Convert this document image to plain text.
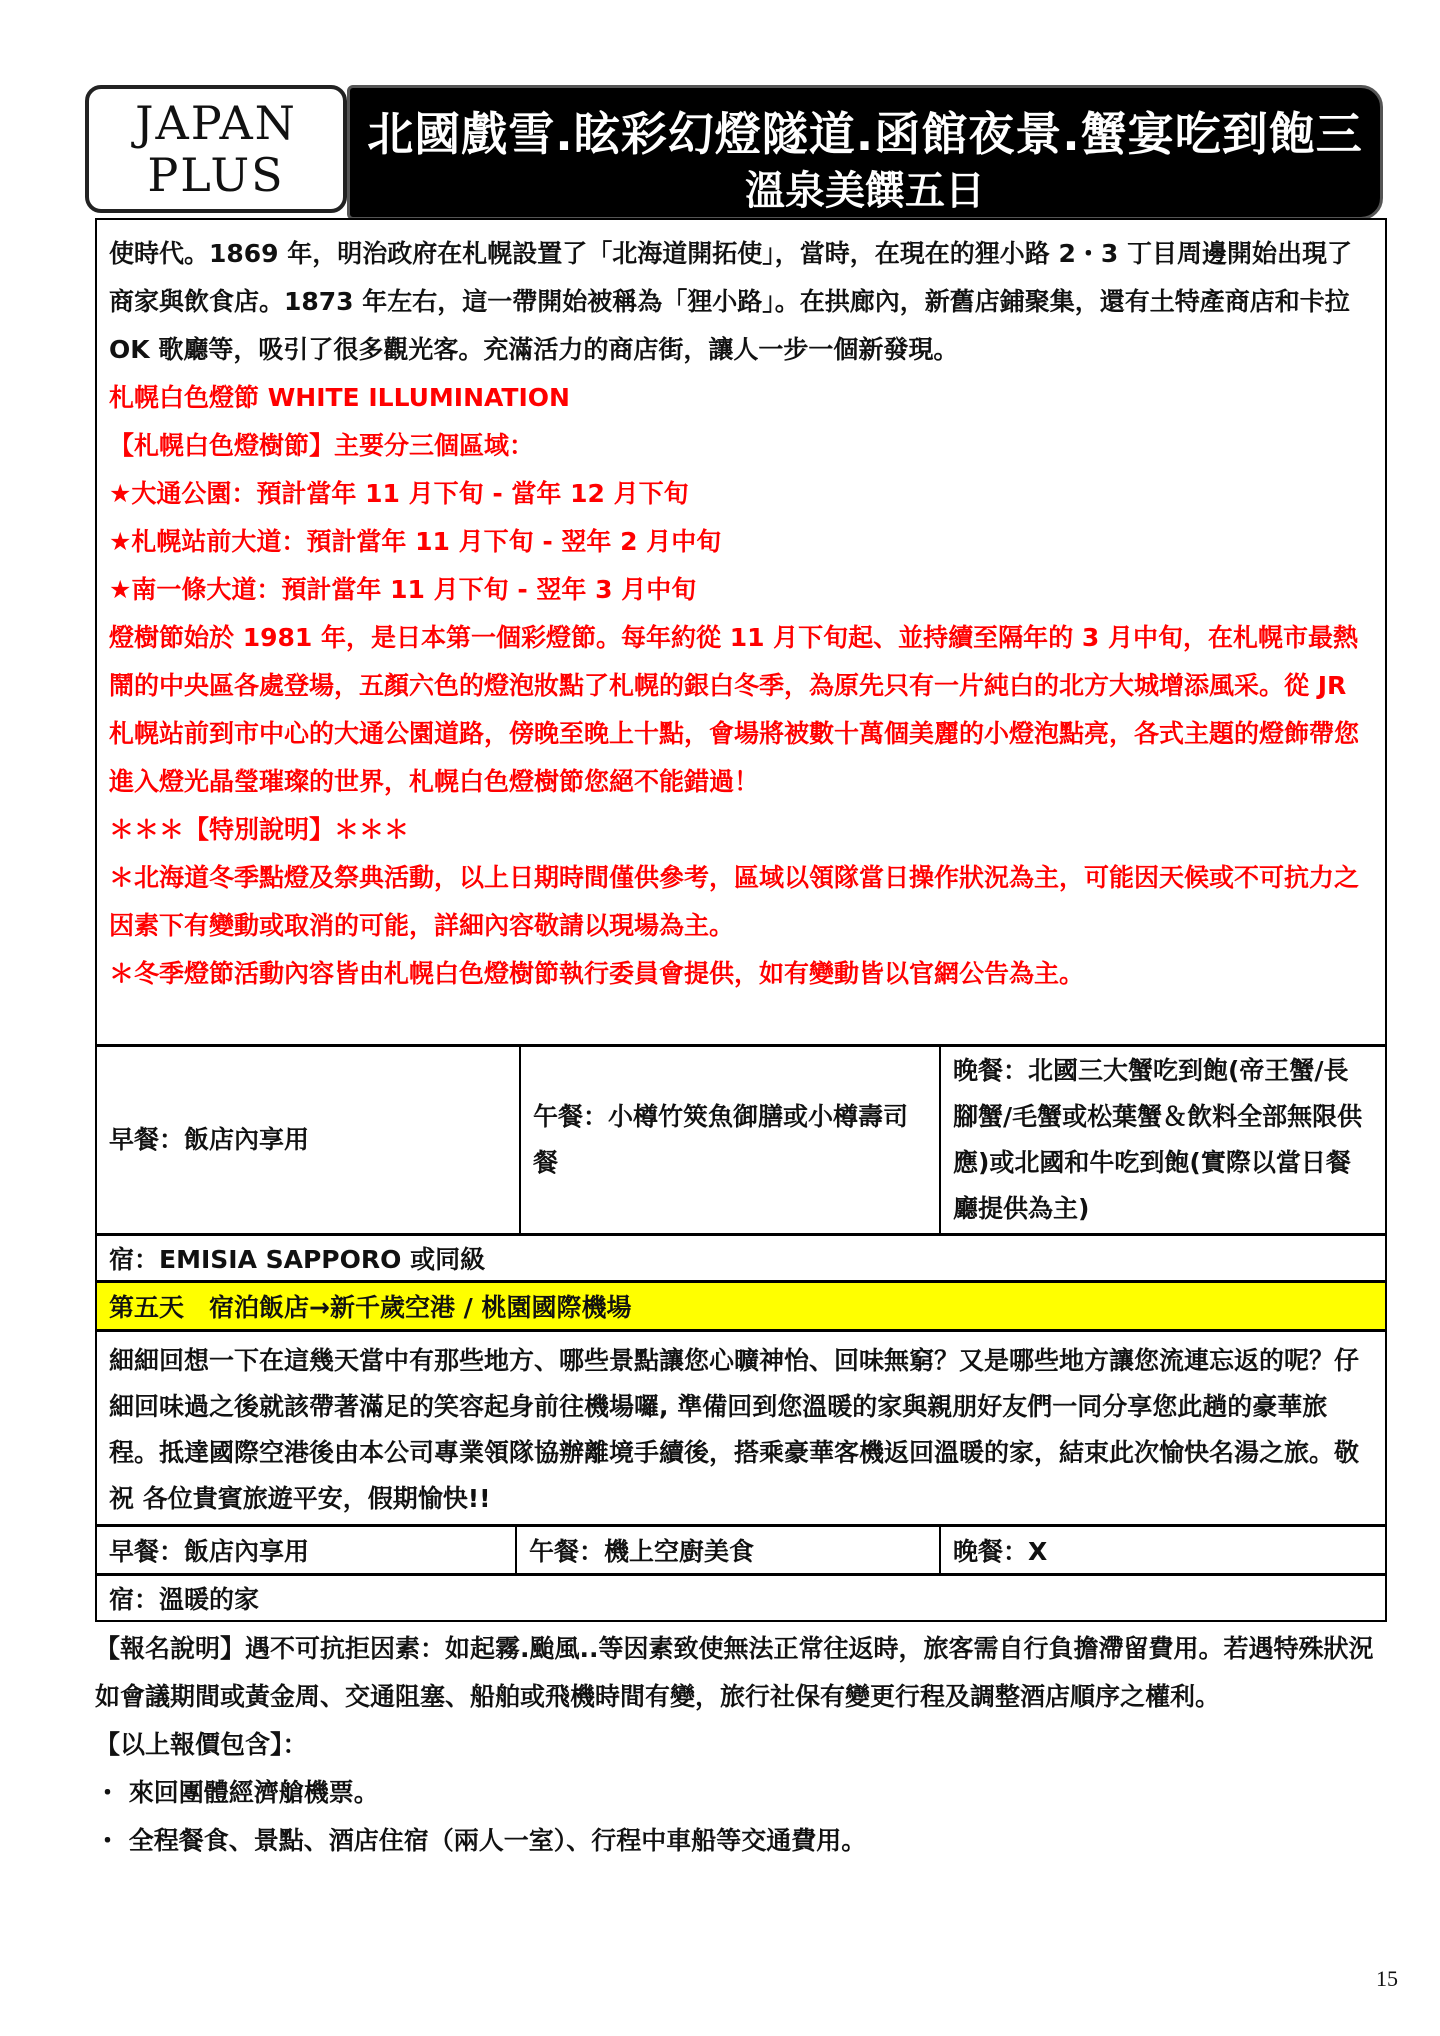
JAPAN
PLUS
北國戲雪.眩彩幻燈隧道.函館夜景.蟹宴吃到飽三
溫泉美饌五日

使時代。1869 年，明治政府在札幌設置了「北海道開拓使」，當時，在現在的狸小路 2・3 丁目周邊開始出現了商家與飲食店。1873 年左右，這一帶開始被稱為「狸小路」。在拱廊內，新舊店鋪聚集，還有土特產商店和卡拉 OK 歌廳等，吸引了很多觀光客。充滿活力的商店街，讓人一步一個新發現。

札幌白色燈節 WHITE ILLUMINATION

【札幌白色燈樹節】主要分三個區域：

★大通公園：預計當年 11 月下旬 - 當年 12 月下旬

★札幌站前大道：預計當年 11 月下旬 - 翌年 2 月中旬

★南一條大道：預計當年 11 月下旬 - 翌年 3 月中旬

燈樹節始於 1981 年，是日本第一個彩燈節。每年約從 11 月下旬起、並持續至隔年的 3 月中旬，在札幌市最熱鬧的中央區各處登場，五顏六色的燈泡妝點了札幌的銀白冬季，為原先只有一片純白的北方大城增添風采。從 JR 札幌站前到市中心的大通公園道路，傍晚至晚上十點，會場將被數十萬個美麗的小燈泡點亮，各式主題的燈飾帶您進入燈光晶瑩璀璨的世界，札幌白色燈樹節您絕不能錯過！

＊＊＊【特別說明】＊＊＊

＊北海道冬季點燈及祭典活動，以上日期時間僅供參考，區域以領隊當日操作狀況為主，可能因天候或不可抗力之因素下有變動或取消的可能，詳細內容敬請以現場為主。

＊冬季燈節活動內容皆由札幌白色燈樹節執行委員會提供，如有變動皆以官網公告為主。

早餐：飯店內享用
午餐：小樽竹筴魚御膳或小樽壽司餐
晚餐：北國三大蟹吃到飽(帝王蟹/長腳蟹/毛蟹或松葉蟹＆飲料全部無限供應)或北國和牛吃到飽(實際以當日餐廳提供為主)
宿：EMISIA SAPPORO 或同級
第五天　宿泊飯店→新千歲空港 / 桃園國際機場

細細回想一下在這幾天當中有那些地方、哪些景點讓您心曠神怡、回味無窮？又是哪些地方讓您流連忘返的呢？仔細回味過之後就該帶著滿足的笑容起身前往機場囉, 準備回到您溫暖的家與親朋好友們一同分享您此趟的豪華旅程。抵達國際空港後由本公司專業領隊協辦離境手續後，搭乘豪華客機返回溫暖的家，結束此次愉快名湯之旅。敬祝 各位貴賓旅遊平安，假期愉快!!

早餐：飯店內享用	午餐：機上空廚美食	晚餐：X
宿：溫暖的家

【報名說明】遇不可抗拒因素：如起霧.颱風..等因素致使無法正常往返時，旅客需自行負擔滯留費用。若遇特殊狀況如會議期間或黃金周、交通阻塞、船舶或飛機時間有變，旅行社保有變更行程及調整酒店順序之權利。

【以上報價包含】：

・ 來回團體經濟艙機票。

・ 全程餐食、景點、酒店住宿（兩人一室）、行程中車船等交通費用。

15
